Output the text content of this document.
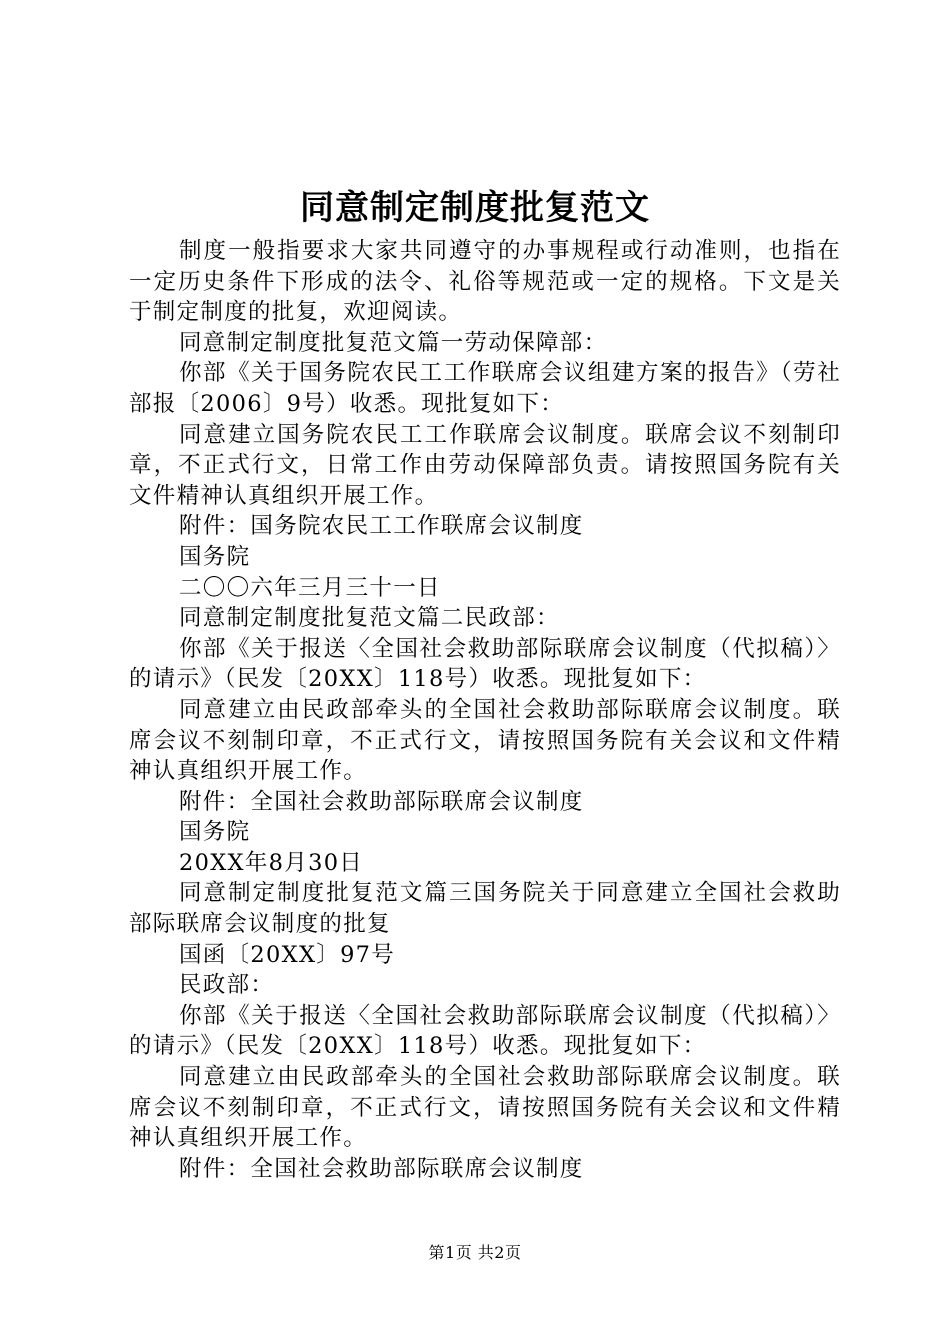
同意制定制度批复范文

制度一般指要求大家共同遵守的办事规程或行动准则，也指在一定历史条件下形成的法令、礼俗等规范或一定的规格。下文是关于制定制度的批复，欢迎阅读。

同意制定制度批复范文篇一劳动保障部：

你部《关于国务院农民工工作联席会议组建方案的报告》（劳社部报〔2006〕9号）收悉。现批复如下：

同意建立国务院农民工工作联席会议制度。联席会议不刻制印章，不正式行文，日常工作由劳动保障部负责。请按照国务院有关文件精神认真组织开展工作。

附件：国务院农民工工作联席会议制度

国务院

二〇〇六年三月三十一日

同意制定制度批复范文篇二民政部：

你部《关于报送〈全国社会救助部际联席会议制度（代拟稿）〉的请示》（民发〔20XX〕118号）收悉。现批复如下：

同意建立由民政部牵头的全国社会救助部际联席会议制度。联席会议不刻制印章，不正式行文，请按照国务院有关会议和文件精神认真组织开展工作。

附件：全国社会救助部际联席会议制度

国务院

20XX年8月30日

同意制定制度批复范文篇三国务院关于同意建立全国社会救助部际联席会议制度的批复

国函〔20XX〕97号

民政部：

你部《关于报送〈全国社会救助部际联席会议制度（代拟稿）〉的请示》（民发〔20XX〕118号）收悉。现批复如下：

同意建立由民政部牵头的全国社会救助部际联席会议制度。联席会议不刻制印章，不正式行文，请按照国务院有关会议和文件精神认真组织开展工作。

附件：全国社会救助部际联席会议制度

第1页 共2页
